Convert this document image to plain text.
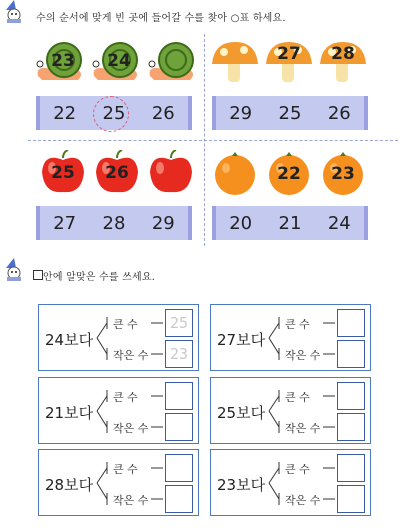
수의 순서에 맞게 빈 곳에 들어갈 수를 찾아 ○표 하세요.
23	24	27	28
22 25 26	29 25 26
25	26	22	23
27 28 29	20 21 24
안에 알맞은 수를 쓰세요.
24보다
큰 수
작은 수
25
23
27보다
큰 수
작은 수
21보다
큰 수
작은 수
25보다
큰 수
작은 수
28보다
큰 수
작은 수
23보다
큰 수
작은 수
